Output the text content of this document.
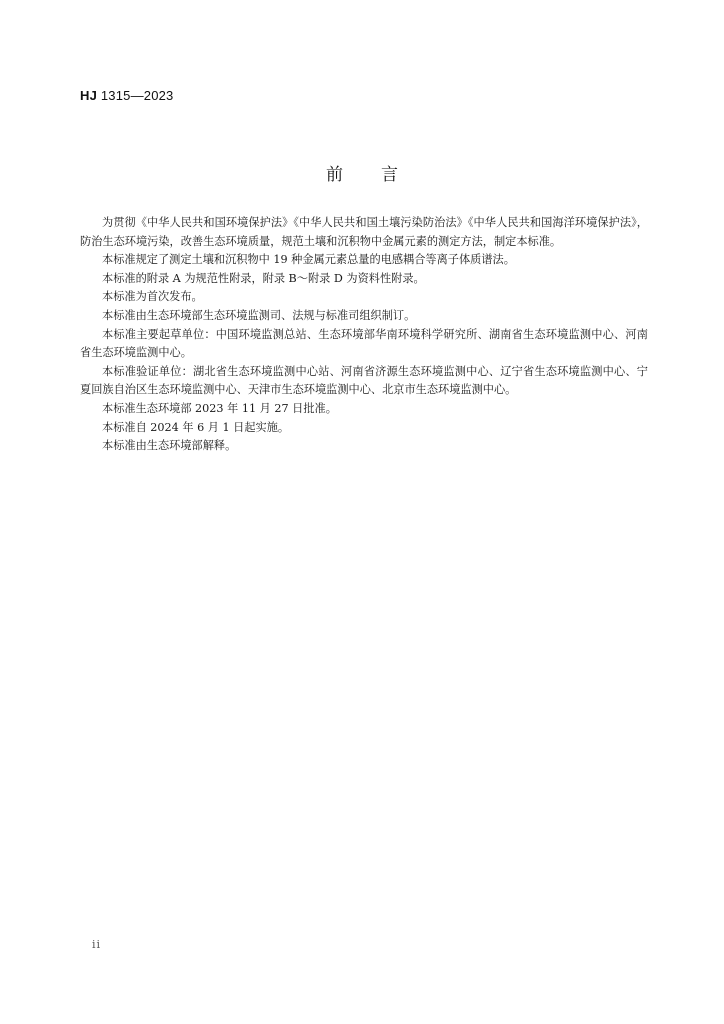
HJ 1315—2023
前言

为贯彻《中华人民共和国环境保护法》《中华人民共和国土壤污染防治法》《中华人民共和国海洋环境保护法》，防治生态环境污染，改善生态环境质量，规范土壤和沉积物中金属元素的测定方法，制定本标准。

本标准规定了测定土壤和沉积物中 19 种金属元素总量的电感耦合等离子体质谱法。

本标准的附录 A 为规范性附录，附录 B～附录 D 为资料性附录。

本标准为首次发布。

本标准由生态环境部生态环境监测司、法规与标准司组织制订。

本标准主要起草单位：中国环境监测总站、生态环境部华南环境科学研究所、湖南省生态环境监测中心、河南省生态环境监测中心。

本标准验证单位：湖北省生态环境监测中心站、河南省济源生态环境监测中心、辽宁省生态环境监测中心、宁夏回族自治区生态环境监测中心、天津市生态环境监测中心、北京市生态环境监测中心。

本标准生态环境部 2023 年 11 月 27 日批准。

本标准自 2024 年 6 月 1 日起实施。

本标准由生态环境部解释。

ii
